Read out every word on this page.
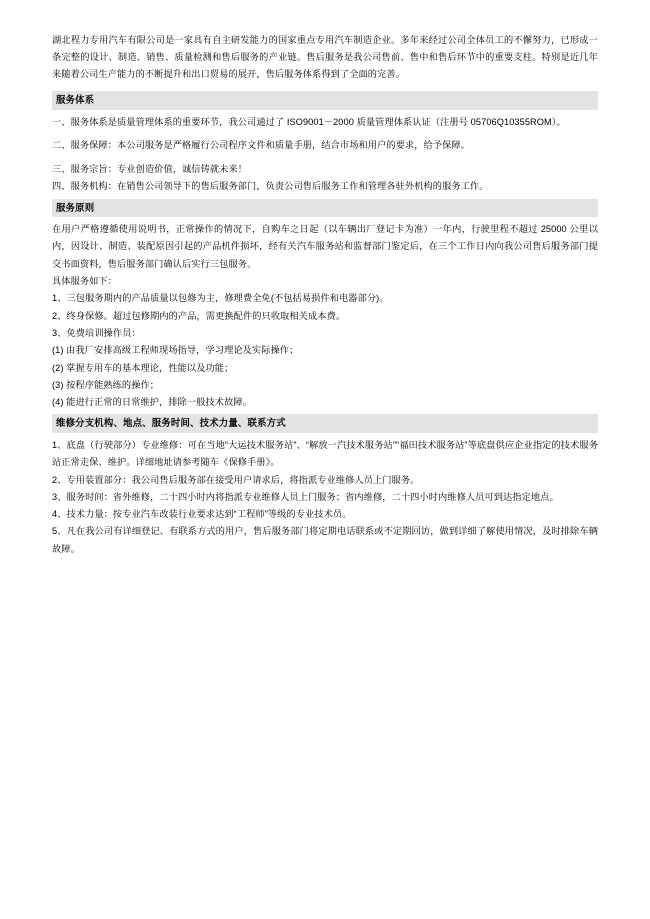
湖北程力专用汽车有限公司是一家具有自主研发能力的国家重点专用汽车制造企业。多年来经过公司全体员工的不懈努力，已形成一条完整的设计、制造、销售、质量检测和售后服务的产业链。售后服务是我公司售前、售中和售后环节中的重要支柱。特别是近几年来随着公司生产能力的不断提升和出口贸易的展开，售后服务体系得到了全面的完善。

服务体系

一、服务体系是质量管理体系的重要环节，我公司通过了 ISO9001－2000 质量管理体系认证（注册号 05706Q10355ROM）。

二、服务保障：本公司服务是严格履行公司程序文件和质量手册，结合市场和用户的要求，给予保障。

三、服务宗旨：专业创造价值，诚信铸就未来！

四、服务机构：在销售公司领导下的售后服务部门，负责公司售后服务工作和管理各驻外机构的服务工作。

服务原则

在用户严格遵循使用说明书，正常操作的情况下，自购车之日起（以车辆出厂登记卡为准）一年内，行驶里程不超过 25000 公里以内，因设计、制造、装配原因引起的产品机件损坏，经有关汽车服务站和监督部门鉴定后，在三个工作日内向我公司售后服务部门提交书面资料，售后服务部门确认后实行三包服务。

具体服务如下：

1、三包服务期内的产品质量以包修为主，修理费全免(不包括易损件和电器部分)。

2、终身保修。超过包修期内的产品，需更换配件的只收取相关成本费。

3、免费培训操作员：

(1) 由我厂安排高级工程师现场指导，学习理论及实际操作；

(2) 掌握专用车的基本理论，性能以及功能；

(3) 按程序能熟练的操作；

(4) 能进行正常的日常维护，排除一般技术故障。

维修分支机构、地点、服务时间、技术力量、联系方式

1、底盘（行驶部分）专业维修：可在当地“大运技术服务站”、“解放一汽技术服务站”“福田技术服务站”等底盘供应企业指定的技术服务站正常走保、维护。详细地址请参考随车《保修手册》。

2、专用装置部分：我公司售后服务部在接受用户请求后，将指派专业维修人员上门服务。

3、服务时间：省外维修，二十四小时内将指派专业维修人员上门服务；省内维修，二十四小时内维修人员可到达指定地点。

4、技术力量：按专业汽车改装行业要求达到“工程师”等级的专业技术员。

5、凡在我公司有详细登记、有联系方式的用户，售后服务部门将定期电话联系或不定期回访，做到详细了解使用情况，及时排除车辆故障。
